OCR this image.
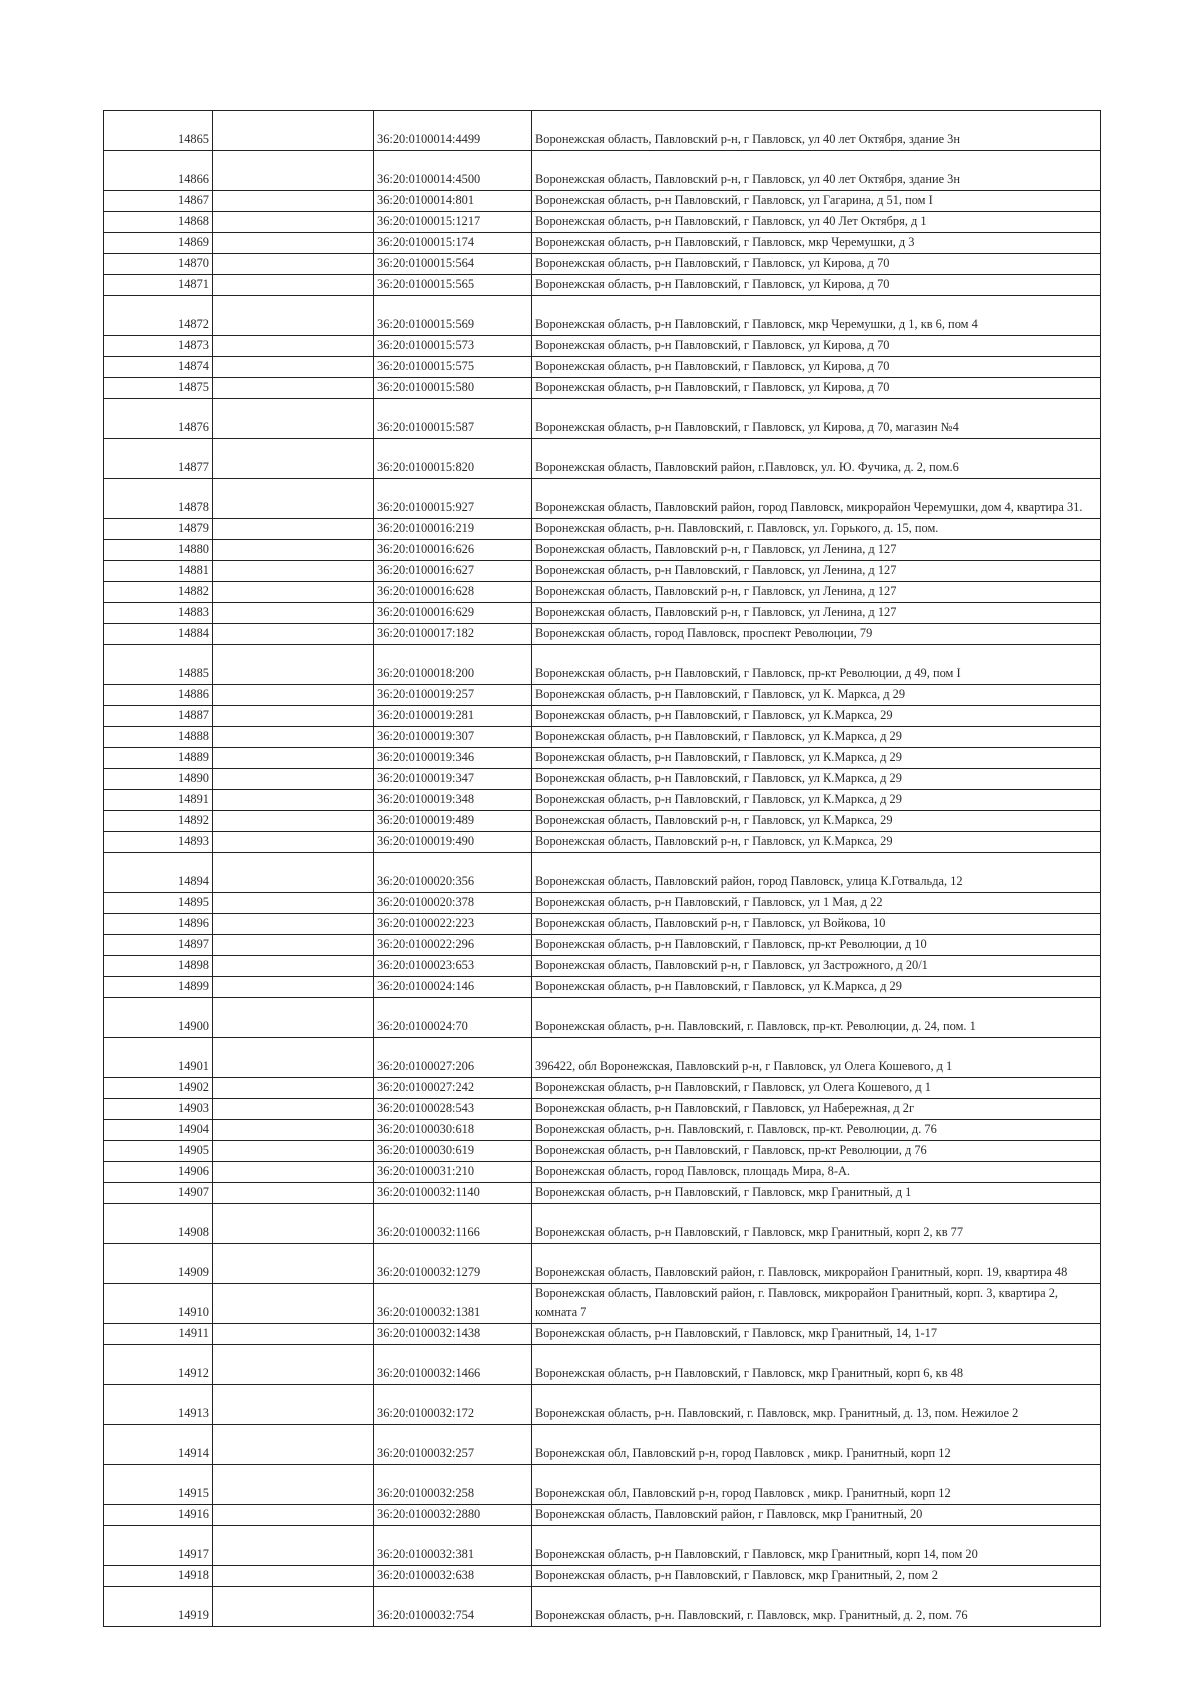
14865		36:20:0100014:4499	Воронежская область, Павловский р-н, г Павловск, ул 40 лет Октября, здание 3н
14866		36:20:0100014:4500	Воронежская область, Павловский р-н, г Павловск, ул 40 лет Октября, здание 3н
14867		36:20:0100014:801	Воронежская область, р-н Павловский, г Павловск, ул Гагарина, д 51, пом I
14868		36:20:0100015:1217	Воронежская область, р-н Павловский, г Павловск, ул 40 Лет Октября, д 1
14869		36:20:0100015:174	Воронежская область, р-н Павловский, г Павловск, мкр Черемушки, д 3
14870		36:20:0100015:564	Воронежская область, р-н Павловский, г Павловск, ул Кирова, д 70
14871		36:20:0100015:565	Воронежская область, р-н Павловский, г Павловск, ул Кирова, д 70
14872		36:20:0100015:569	Воронежская область, р-н Павловский, г Павловск, мкр Черемушки, д 1, кв 6, пом 4
14873		36:20:0100015:573	Воронежская область, р-н Павловский, г Павловск, ул Кирова, д 70
14874		36:20:0100015:575	Воронежская область, р-н Павловский, г Павловск, ул Кирова, д 70
14875		36:20:0100015:580	Воронежская область, р-н Павловский, г Павловск, ул Кирова, д 70
14876		36:20:0100015:587	Воронежская область, р-н Павловский, г Павловск, ул Кирова, д 70, магазин №4
14877		36:20:0100015:820	Воронежская область, Павловский район, г.Павловск, ул. Ю. Фучика, д. 2, пом.6
14878		36:20:0100015:927	Воронежская область, Павловский район, город Павловск, микрорайон Черемушки, дом 4, квартира 31.
14879		36:20:0100016:219	Воронежская область, р-н. Павловский, г. Павловск, ул. Горького, д. 15, пом.
14880		36:20:0100016:626	Воронежская область, Павловский р-н, г Павловск, ул Ленина, д 127
14881		36:20:0100016:627	Воронежская область, р-н Павловский, г Павловск, ул Ленина, д 127
14882		36:20:0100016:628	Воронежская область, Павловский р-н, г Павловск, ул Ленина, д 127
14883		36:20:0100016:629	Воронежская область, Павловский р-н, г Павловск, ул Ленина, д 127
14884		36:20:0100017:182	Воронежская область, город Павловск, проспект Революции, 79
14885		36:20:0100018:200	Воронежская область, р-н Павловский, г Павловск, пр-кт Революции, д 49, пом I
14886		36:20:0100019:257	Воронежская область, р-н Павловский, г Павловск, ул К. Маркса, д 29
14887		36:20:0100019:281	Воронежская область, р-н Павловский, г Павловск, ул К.Маркса, 29
14888		36:20:0100019:307	Воронежская область, р-н Павловский, г Павловск, ул К.Маркса, д 29
14889		36:20:0100019:346	Воронежская область, р-н Павловский, г Павловск, ул К.Маркса, д 29
14890		36:20:0100019:347	Воронежская область, р-н Павловский, г Павловск, ул К.Маркса, д 29
14891		36:20:0100019:348	Воронежская область, р-н Павловский, г Павловск, ул К.Маркса, д 29
14892		36:20:0100019:489	Воронежская область, Павловский р-н, г Павловск, ул К.Маркса, 29
14893		36:20:0100019:490	Воронежская область, Павловский р-н, г Павловск, ул К.Маркса, 29
14894		36:20:0100020:356	Воронежская область, Павловский район, город Павловск, улица К.Готвальда, 12
14895		36:20:0100020:378	Воронежская область, р-н Павловский, г Павловск, ул 1 Мая, д 22
14896		36:20:0100022:223	Воронежская область, Павловский р-н, г Павловск, ул Войкова, 10
14897		36:20:0100022:296	Воронежская область, р-н Павловский, г Павловск, пр-кт Революции, д 10
14898		36:20:0100023:653	Воронежская область, Павловский р-н, г Павловск, ул Застрожного, д 20/1
14899		36:20:0100024:146	Воронежская область, р-н Павловский, г Павловск, ул К.Маркса, д 29
14900		36:20:0100024:70	Воронежская область, р-н. Павловский, г. Павловск, пр-кт. Революции, д. 24, пом. 1
14901		36:20:0100027:206	396422, обл Воронежская, Павловский р-н, г Павловск, ул Олега Кошевого, д 1
14902		36:20:0100027:242	Воронежская область, р-н Павловский, г Павловск, ул Олега Кошевого, д 1
14903		36:20:0100028:543	Воронежская область, р-н Павловский, г Павловск, ул Набережная, д 2г
14904		36:20:0100030:618	Воронежская область, р-н. Павловский, г. Павловск, пр-кт. Революции, д. 76
14905		36:20:0100030:619	Воронежская область, р-н Павловский, г Павловск, пр-кт Революции, д 76
14906		36:20:0100031:210	Воронежская область, город Павловск, площадь Мира, 8-А.
14907		36:20:0100032:1140	Воронежская область, р-н Павловский, г Павловск, мкр Гранитный, д 1
14908		36:20:0100032:1166	Воронежская область, р-н Павловский, г Павловск, мкр Гранитный, корп 2, кв 77
14909		36:20:0100032:1279	Воронежская область, Павловский район, г. Павловск, микрорайон Гранитный, корп. 19, квартира 48
14910		36:20:0100032:1381	Воронежская область, Павловский район, г. Павловск, микрорайон Гранитный, корп. 3, квартира 2, комната 7
14911		36:20:0100032:1438	Воронежская область, р-н Павловский, г Павловск, мкр Гранитный, 14, 1-17
14912		36:20:0100032:1466	Воронежская область, р-н Павловский, г Павловск, мкр Гранитный, корп 6, кв 48
14913		36:20:0100032:172	Воронежская область, р-н. Павловский, г. Павловск, мкр. Гранитный, д. 13, пом. Нежилое 2
14914		36:20:0100032:257	Воронежская обл, Павловский р-н, город Павловск , микр. Гранитный, корп 12
14915		36:20:0100032:258	Воронежская обл, Павловский р-н, город Павловск , микр. Гранитный, корп 12
14916		36:20:0100032:2880	Воронежская область, Павловский район, г Павловск, мкр Гранитный, 20
14917		36:20:0100032:381	Воронежская область, р-н Павловский, г Павловск, мкр Гранитный, корп 14, пом 20
14918		36:20:0100032:638	Воронежская область, р-н Павловский, г Павловск, мкр Гранитный, 2, пом 2
14919		36:20:0100032:754	Воронежская область, р-н. Павловский, г. Павловск, мкр. Гранитный, д. 2, пом. 76
